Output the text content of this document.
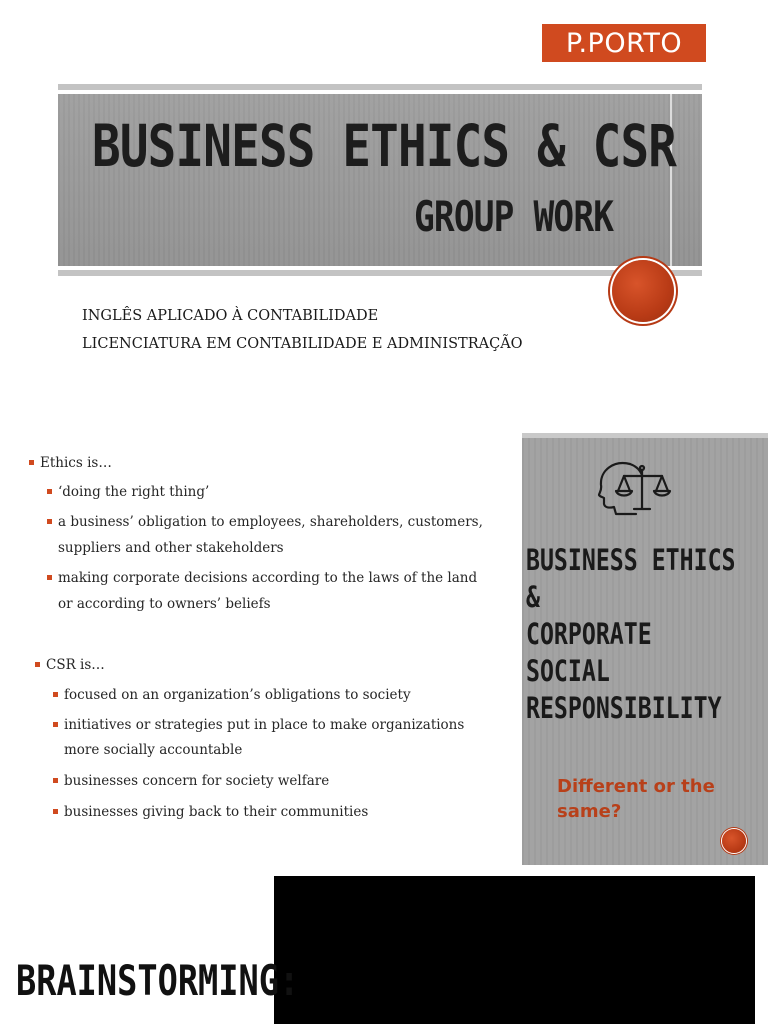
P.PORTO
BUSINESS ETHICS & CSR
GROUP WORK
INGLÊS APLICADO À CONTABILIDADE
LICENCIATURA EM CONTABILIDADE E ADMINISTRAÇÃO
Ethics is…
‘doing the right thing’
a business’ obligation to employees, shareholders, customers,
suppliers and other stakeholders
making corporate decisions according to the laws of the land
or according to owners’ beliefs
CSR is…
focused on an organization’s obligations to society
initiatives or strategies put in place to make organizations
more socially accountable
businesses concern for society welfare
businesses giving back to their communities
BUSINESS ETHICS
&
CORPORATE
SOCIAL
RESPONSIBILITY
Different or the same?
BRAINSTORMING:
